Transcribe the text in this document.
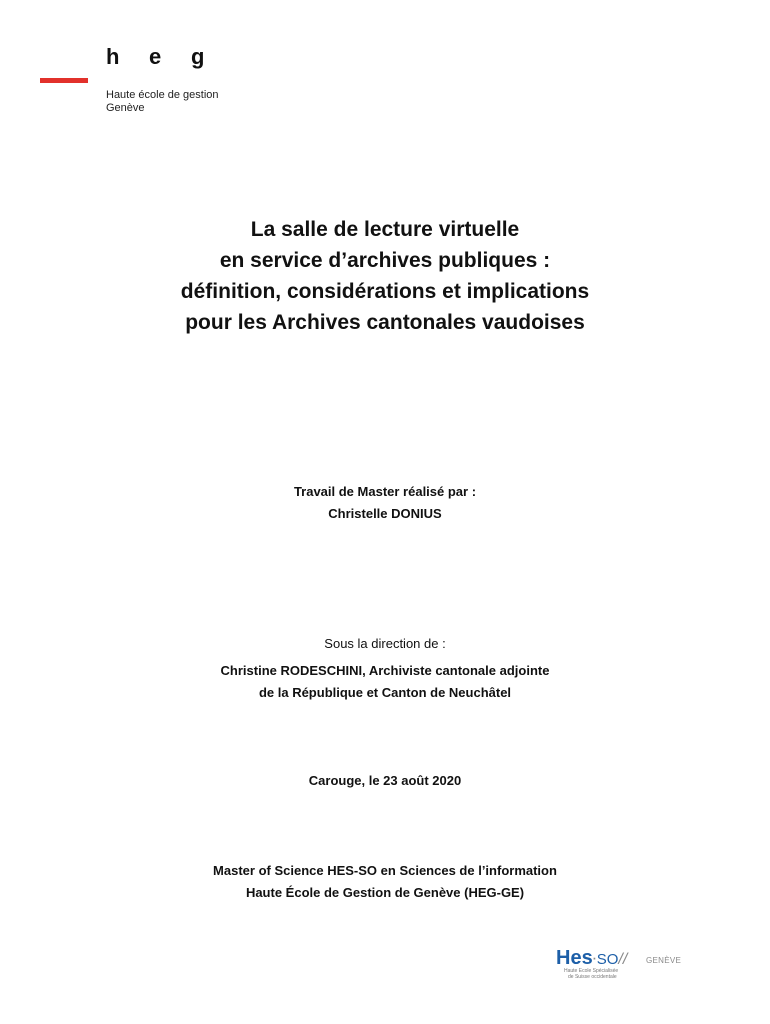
h e g
Haute école de gestion
Genève
La salle de lecture virtuelle
en service d’archives publiques :
définition, considérations et implications
pour les Archives cantonales vaudoises
Travail de Master réalisé par :
Christelle DONIUS
Sous la direction de :
Christine RODESCHINI, Archiviste cantonale adjointe
de la République et Canton de Neuchâtel
Carouge, le 23 août 2020
Master of Science HES-SO en Sciences de l’information
Haute École de Gestion de Genève (HEG-GE)
Hes·SO// GENÈVE
Haute Ecole Spécialisée
de Suisse occidentale
